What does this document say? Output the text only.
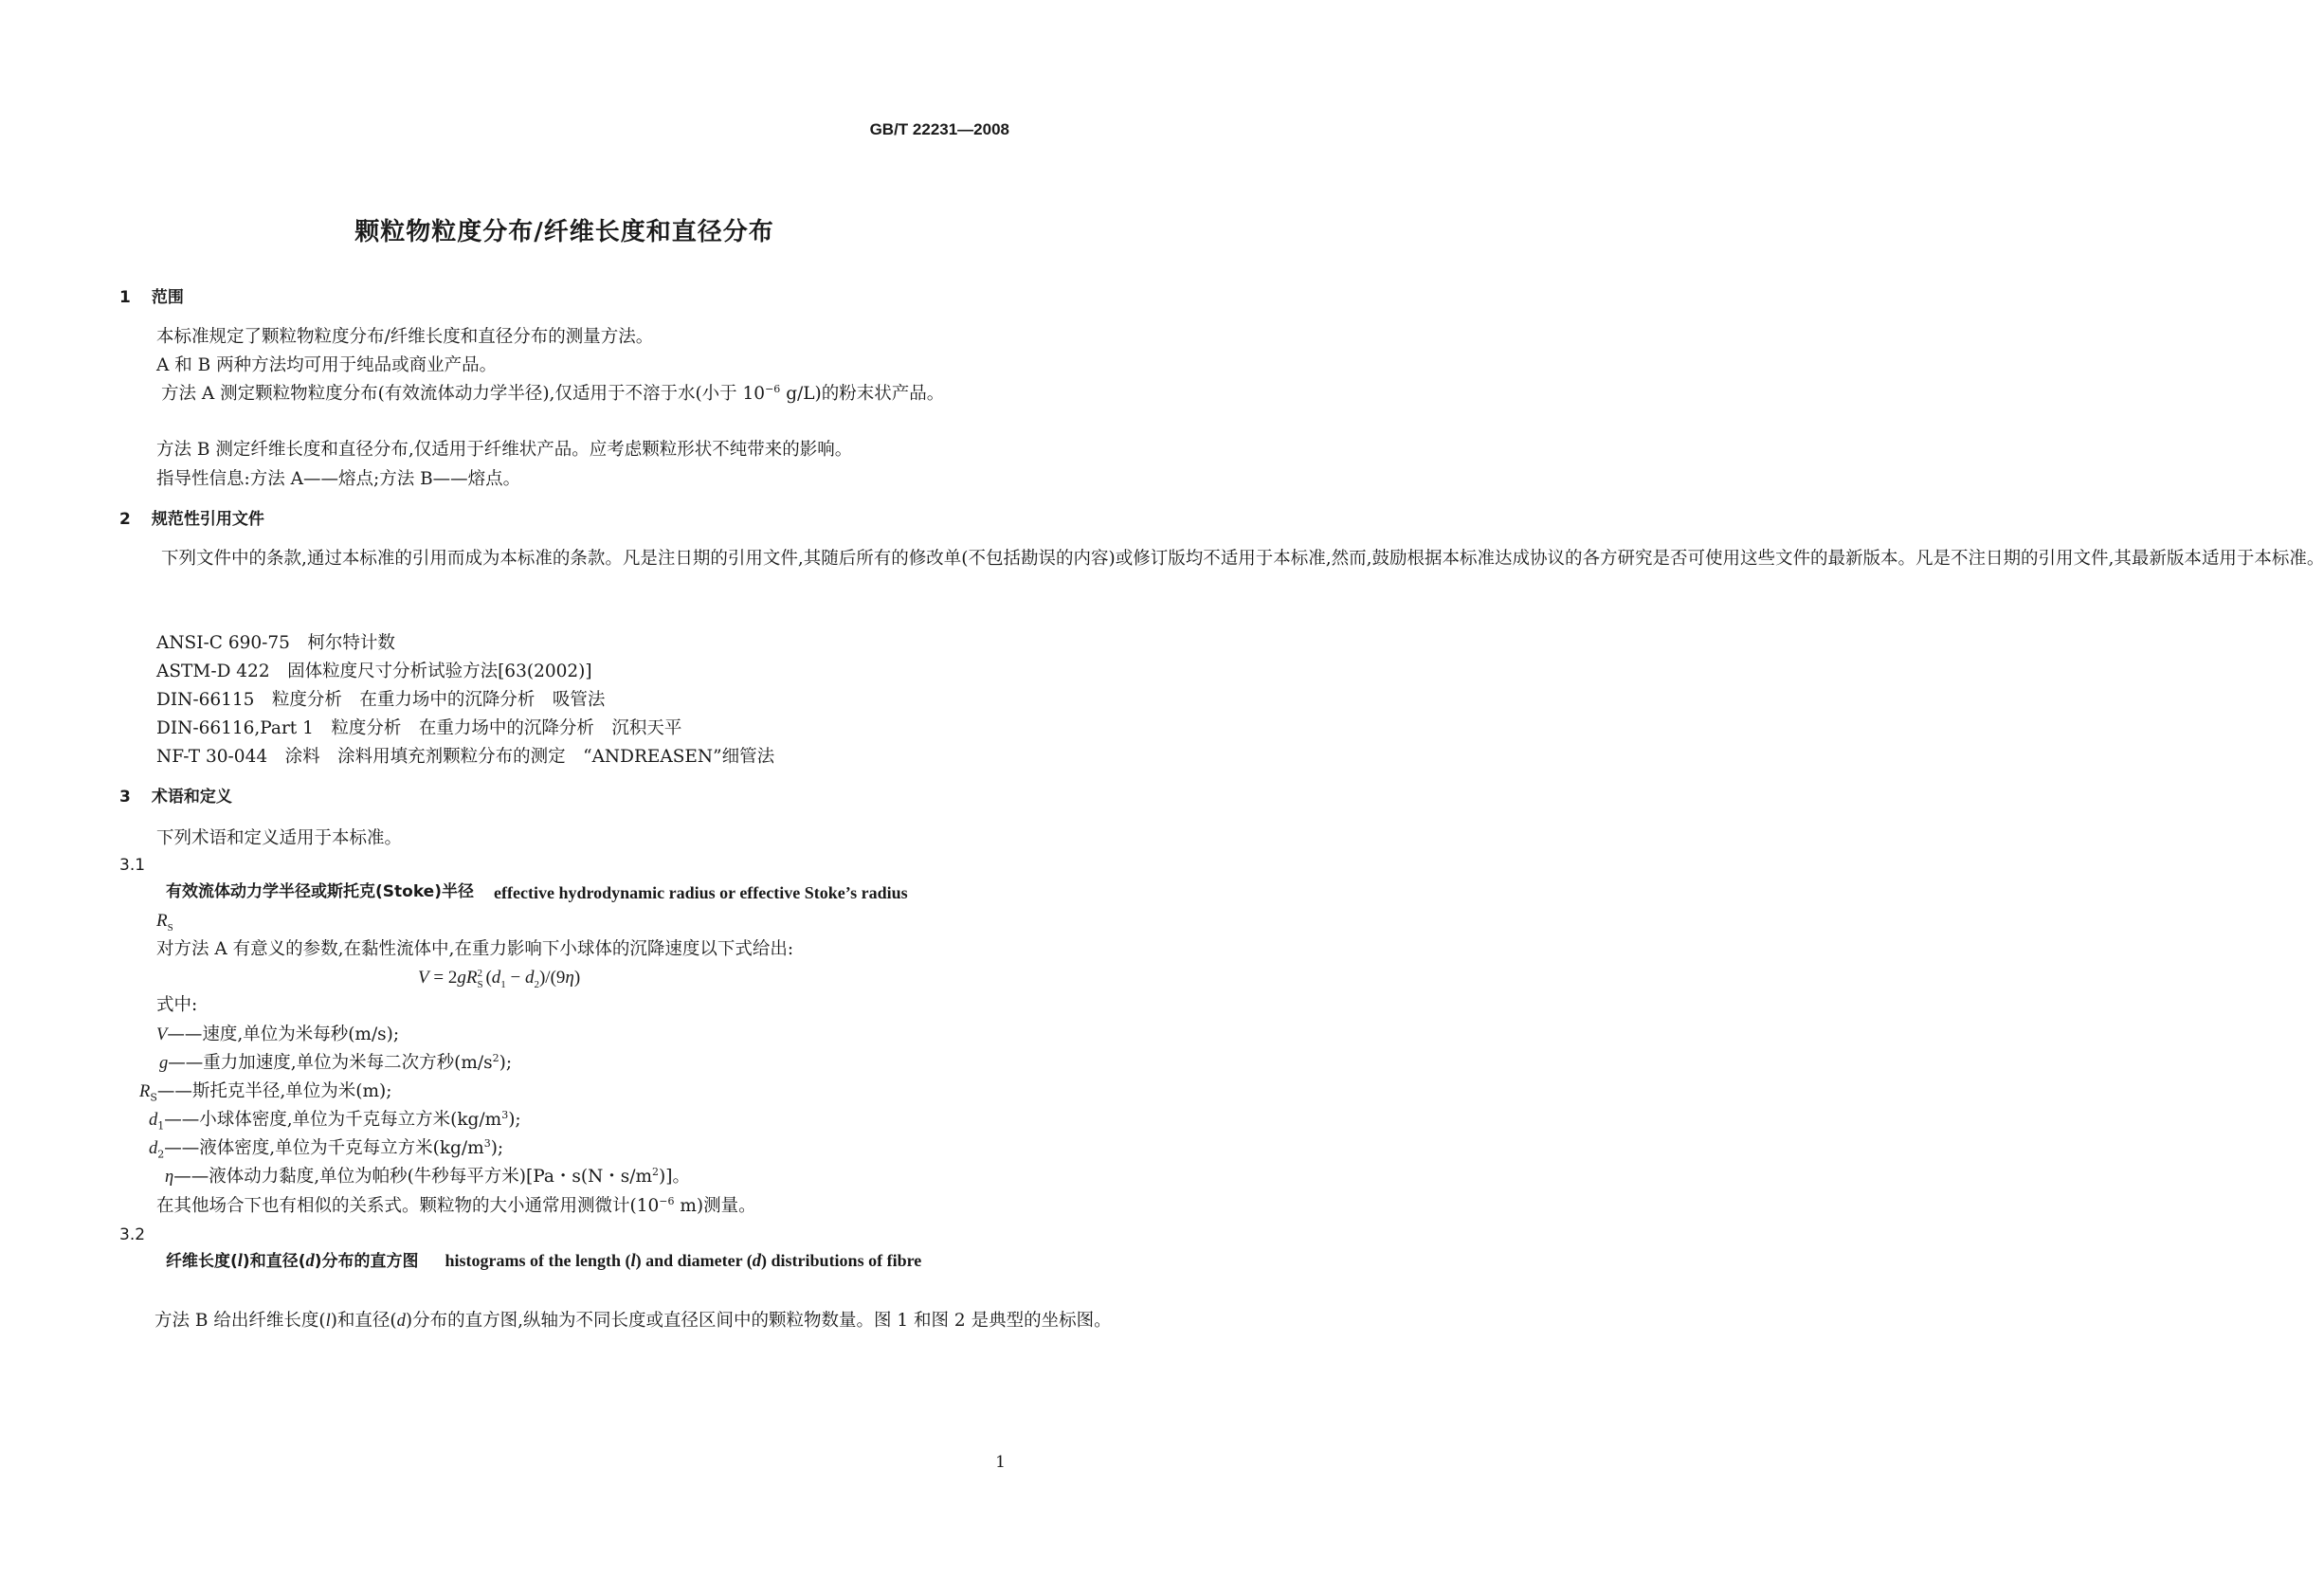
GB/T 22231—2008
颗粒物粒度分布/纤维长度和直径分布
1 范围
本标准规定了颗粒物粒度分布/纤维长度和直径分布的测量方法。
A 和 B 两种方法均可用于纯品或商业产品。
方法 A 测定颗粒物粒度分布(有效流体动力学半径),仅适用于不溶于水(小于 $10^{-6}$ g/L)的粉末状产品。
方法 B 测定纤维长度和直径分布,仅适用于纤维状产品。应考虑颗粒形状不纯带来的影响。
指导性信息:方法 A——熔点;方法 B——熔点。
2 规范性引用文件
下列文件中的条款,通过本标准的引用而成为本标准的条款。凡是注日期的引用文件,其随后所有的修改单(不包括勘误的内容)或修订版均不适用于本标准,然而,鼓励根据本标准达成协议的各方研究是否可使用这些文件的最新版本。凡是不注日期的引用文件,其最新版本适用于本标准。
ANSI-C 690-75　柯尔特计数
ASTM-D 422　固体粒度尺寸分析试验方法[63(2002)]
DIN-66115　粒度分析　在重力场中的沉降分析　吸管法
DIN-66116,Part 1　粒度分析　在重力场中的沉降分析　沉积天平
NF-T 30-044　涂料　涂料用填充剂颗粒分布的测定　“ANDREASEN”细管法
3 术语和定义
下列术语和定义适用于本标准。
3.1
有效流体动力学半径或斯托克(Stoke)半径 effective hydrodynamic radius or effective Stoke’s radius
$R_S$
对方法 A 有意义的参数,在黏性流体中,在重力影响下小球体的沉降速度以下式给出:
V = 2gR 2
S $(d_1 - d_2)/(9\eta)$
式中:
V——速度,单位为米每秒(m/s);
g——重力加速度,单位为米每二次方秒$(m/s^2)$;
$R_S——$斯托克半径,单位为米(m);
$d_1——$小球体密度,单位为千克每立方米$(kg/m^3)$;
$d_2——$液体密度,单位为千克每立方米$(kg/m^3)$;
η——液体动力黏度,单位为帕秒(牛秒每平方米)[Pa・s(N・$s/m^2$)]。
在其他场合下也有相似的关系式。颗粒物的大小通常用测微计($10^{-6}$ m)测量。
3.2
纤维长度(l)和直径(d)分布的直方图 histograms of the length (l) and diameter (d) distributions of fibre
方法 B 给出纤维长度(l)和直径(d)分布的直方图,纵轴为不同长度或直径区间中的颗粒物数量。图 1 和图 2 是典型的坐标图。
1
